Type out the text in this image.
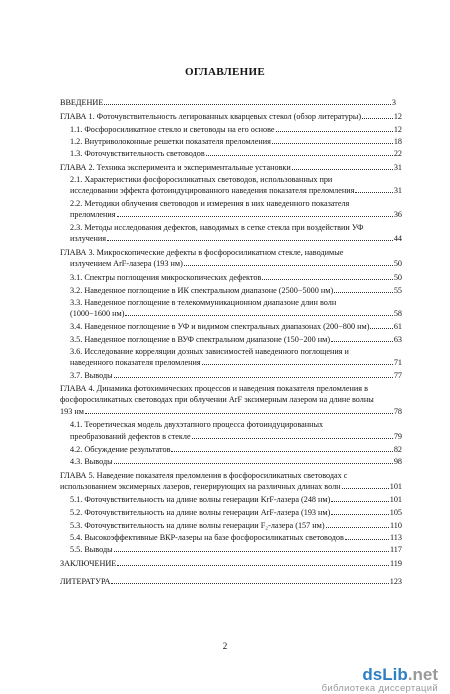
ОГЛАВЛЕНИЕ
ВВЕДЕНИЕ	3
ГЛАВА 1. Фоточувствительность легированных кварцевых стекол (обзор литературы)	12
1.1. Фосфоросиликатное стекло и световоды на его основе	12
1.2. Внутриволоконные решетки показателя преломления	18
1.3. Фоточувствительность световодов	22
ГЛАВА 2. Техника эксперимента и экспериментальные установки	31
2.1. Характеристики фосфоросиликатных световодов, использованных при
исследовании эффекта фотоиндуцированного наведения показателя преломления	31
2.2. Методики облучения световодов и измерения в них наведенного показателя
преломления	36
2.3. Методы исследования дефектов, наводимых в сетке стекла при воздействии УФ
излучения	44
ГЛАВА 3. Микроскопические дефекты в фосфоросиликатном стекле, наводимые
излучением ArF-лазера (193 нм)	50
3.1. Спектры поглощения микроскопических дефектов	50
3.2. Наведенное поглощение в ИК спектральном диапазоне (2500−5000 нм)	55
3.3. Наведенное поглощение в телекоммуникационном диапазоне длин волн
(1000−1600 нм)	58
3.4. Наведенное поглощение в УФ и видимом спектральных диапазонах (200−800 нм)	61
3.5. Наведенное поглощение в ВУФ спектральном диапазоне (150−200 нм)	63
3.6. Исследование корреляции дозных зависимостей наведенного поглощения и
наведенного показателя преломления	71
3.7. Выводы	77
ГЛАВА 4. Динамика фотохимических процессов и наведения показателя преломления в
фосфоросиликатных световодах при облучении ArF эксимерным лазером на длине волны
193 нм	78
4.1. Теоретическая модель двухэтапного процесса фотоиндуцированных
преобразований дефектов в стекле	79
4.2. Обсуждение результатов	82
4.3. Выводы	98
ГЛАВА 5. Наведение показателя преломления в фосфоросиликатных световодах с
использованием эксимерных лазеров, генерирующих на различных длинах волн	101
5.1. Фоточувствительность на длине волны генерации KrF-лазера (248 нм)	101
5.2. Фоточувствительность на длине волны генерации ArF-лазера (193 нм)	105
5.3. Фоточувствительность на длине волны генерации F₂-лазера (157 нм)	110
5.4. Высокоэффективные ВКР-лазеры на базе фосфоросиликатных световодов	113
5.5. Выводы	117
ЗАКЛЮЧЕНИЕ	119
ЛИТЕРАТУРА	123
2
dsLib.net
библиотека диссертаций
